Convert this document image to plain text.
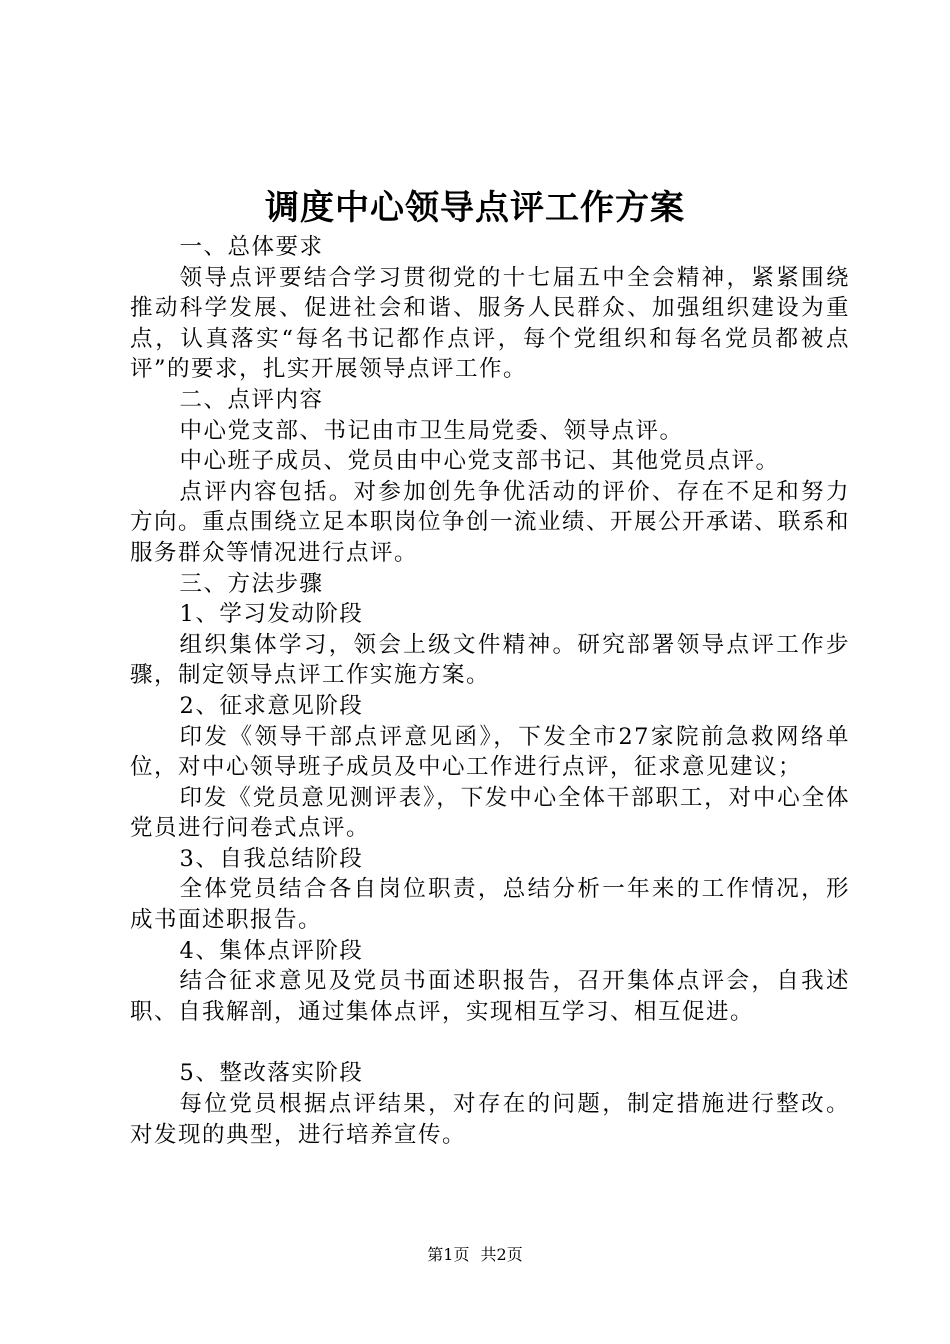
调度中心领导点评工作方案

一、总体要求

领导点评要结合学习贯彻党的十七届五中全会精神，紧紧围绕推动科学发展、促进社会和谐、服务人民群众、加强组织建设为重点，认真落实“每名书记都作点评，每个党组织和每名党员都被点评”的要求，扎实开展领导点评工作。

二、点评内容

中心党支部、书记由市卫生局党委、领导点评。

中心班子成员、党员由中心党支部书记、其他党员点评。

点评内容包括。对参加创先争优活动的评价、存在不足和努力方向。重点围绕立足本职岗位争创一流业绩、开展公开承诺、联系和服务群众等情况进行点评。

三、方法步骤

1、学习发动阶段

组织集体学习，领会上级文件精神。研究部署领导点评工作步骤，制定领导点评工作实施方案。

2、征求意见阶段

印发《领导干部点评意见函》，下发全市27家院前急救网络单位，对中心领导班子成员及中心工作进行点评，征求意见建议；

印发《党员意见测评表》，下发中心全体干部职工，对中心全体党员进行问卷式点评。

3、自我总结阶段

全体党员结合各自岗位职责，总结分析一年来的工作情况，形成书面述职报告。

4、集体点评阶段

结合征求意见及党员书面述职报告，召开集体点评会，自我述职、自我解剖，通过集体点评，实现相互学习、相互促进。

5、整改落实阶段

每位党员根据点评结果，对存在的问题，制定措施进行整改。对发现的典型，进行培养宣传。

第1页 共2页
